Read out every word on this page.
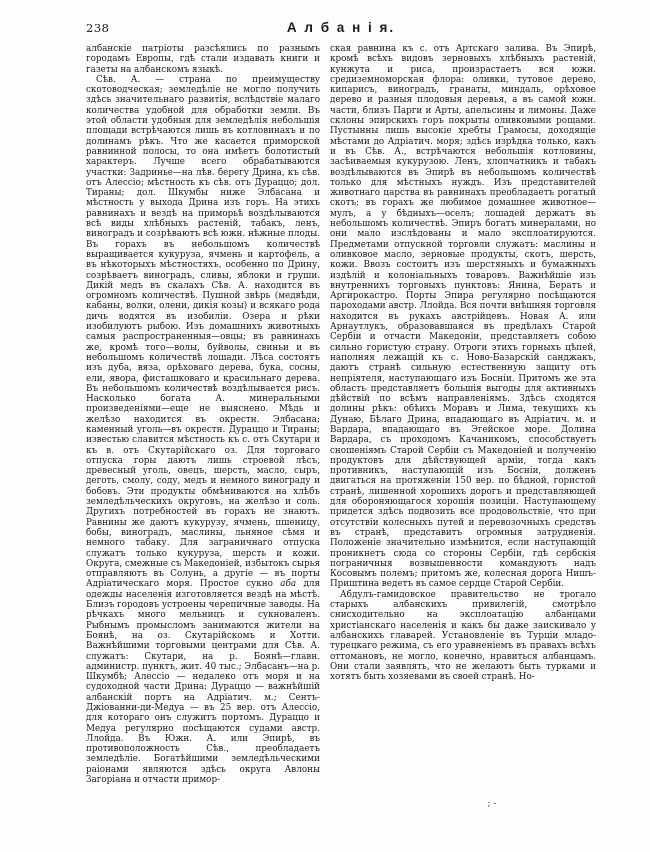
238	А л б а н і я.

албанскіе патріоты разсѣялись по разнымъ городамъ Европы, гдѣ стали издавать книги и газеты на албанскомъ языкѣ.

Сѣв. А. — страна по преимуществу скотоводческая; земледѣліе не могло получить здѣсь значительнаго развитія, вслѣдствіе малаго количества удобной для обработки земли. Въ этой области удобныя для земледѣлія небольшія площади встрѣчаются лишь въ котловинахъ и по долинамъ рѣкъ. Что же касается приморской равнинной полосы, то она имѣетъ болотистый характеръ. Лучше всего обрабатываются участки: Задринье—на лѣв. берегу Дрина, къ сѣв. отъ Алессіо; мѣстность къ сѣв. отъ Дураццо; дол. Тираны; дол. Шкумбы ниже Элбасана и мѣстность у выхода Дрина изъ горъ. На этихъ равнинахъ и вездѣ на приморьѣ воздѣлываются всѣ виды хлѣбныхъ растеній, табакъ, ленъ, виноградъ и созрѣваютъ всѣ южн. нѣжные плоды. Въ горахъ въ небольшомъ количествѣ выращивается кукуруза, ячмень и картофель, а въ нѣкоторыхъ мѣстностяхъ, особенно по Дрину, созрѣваетъ виноградъ, сливы, яблоки и груши. Дикій медъ въ скалахъ Сѣв. А. находится въ огромномъ количествѣ. Пушной звѣрь (медвѣди, кабаны, волки, олени, дикія козы) и всякаго рода дичь водятся въ изобиліи. Озера и рѣки изобилуютъ рыбою. Изъ домашнихъ животныхъ самыя распространенныя—овцы; въ равнинахъ же, кромѣ того—волы, буйволы, свиньи и въ небольшомъ количествѣ лошади. Лѣса состоятъ изъ дуба, вяза, орѣховаго дерева, бука, сосны, ели, явора, фисташковаго и красильнаго дерева. Въ небольшомъ количествѣ воздѣлывается рисъ. Насколько богата А. минеральными произведеніями—еще не выяснено. Мѣдь и желѣзо находится въ окрестн. Элбасана; каменный уголь—въ окрестн. Дураццо и Тираны; известью славится мѣстность къ с. отъ Скутари и къ в. отъ Скутарійскаго оз. Для торговаго отпуска горы даютъ лишь строевой лѣсъ, древесный уголь, овецъ, шерсть, масло, сыръ, деготь, смолу, соду, медъ и немного винограду и бобовъ. Эти продукты обмѣниваются на хлѣбъ земледѣльческихъ округовъ, на желѣзо и соль. Другихъ потребностей въ горахъ не знаютъ. Равнины же даютъ кукурузу, ячмень, пшеницу, бобы, виноградъ, маслины, льняное сѣмя и немного табаку. Для заграничнаго отпуска служатъ только кукуруза, шерсть и кожи. Округа, смежные съ Македоніей, избытокъ сырья отправляютъ въ Солунь, а другіе — въ порты Адріатическаго моря. Простое сукно аба для одежды населенія изготовляется вездѣ на мѣстѣ. Близъ городовъ устроены черепичные заводы. На рѣчкахъ много мельницъ и сукноваленъ. Рыбнымъ промысломъ занимаются жители на Боянѣ, на оз. Скутарійскомъ и Хотти. Важнѣйшими торговыми центрами для Сѣв. А. служатъ: Скутари, на р. Боянѣ—главн. администр. пунктъ, жит. 40 тыс.; Элбасанъ—на р. Шкумбѣ; Алессіо — недалеко отъ моря и на судоходной части Дрина; Дураццо — важнѣйшій албанскій портъ на Адріатич. м.; Сентъ-Джіованни-ди-Медуа — въ 25 вер. отъ Алессіо, для котораго онъ служитъ портомъ. Дураццо и Медуа регулярно посѣщаются судами австр. Ллойда. Въ Южн. А. или Эпирѣ, въ противоположность Сѣв., преобладаетъ земледѣліе. Богатѣйшими земледѣльческими раіонами являются здѣсь округа Авлоны Загоріана и отчасти примор-

ская равнина къ с. отъ Артскаго залива. Въ Эпирѣ, кромѣ всѣхъ видовъ зерновыхъ хлѣбныхъ растеній, кунжута и риса, произрастаетъ вся южн. средиземноморская флора: оливки, тутовое дерево, кипарисъ, виноградъ, гранаты, миндаль, орѣховое дерево и разныя плодовыя деревья, а въ самой южн. части, близъ Парги и Арты, апельсины и лимоны. Даже склоны эпирскихъ горъ покрыты оливковыми рощами. Пустынны лишь высокіе хребты Грамосы, доходящіе мѣстами до Адріатич. моря; здѣсь изрѣдка только, какъ и въ Сѣв. А., встрѣчаются небольшія котловины, засѣиваемыя кукурузою. Ленъ, хлопчатникъ и табакъ воздѣлываются въ Эпирѣ въ небольшомъ количествѣ только для мѣстныхъ нуждъ. Изъ представителей животнаго царства въ равнинахъ преобладаетъ рогатый скотъ; въ горахъ же любимое домашнее животное—мулъ, а у бѣдныхъ—оселъ; лошадей держатъ въ небольшомъ количествѣ. Эпиръ богатъ минералами, но они мало изслѣдованы и мало эксплоатируются. Предметами отпускной торговли служатъ: маслины и оливковое масло, зерновые продукты, скотъ, шерсть, кожи. Ввозъ состоитъ изъ шерстяныхъ и бумажныхъ издѣлій и колоніальныхъ товаровъ. Важнѣйшіе изъ внутреннихъ торговыхъ пунктовъ: Янина, Бератъ и Аргирокастро. Порты Эпира регулярно посѣщаются пароходами австр. Ллойда. Вся почти внѣшняя торговля находится въ рукахъ австрійцевъ. Новая А. или Арнаутлукъ, образовавшаяся въ предѣлахъ Старой Сербіи и отчасти Македоніи, представляетъ собою сильно гористую страну. Отроги этихъ горныхъ цѣпей, наполняя лежащій къ с. Ново-Базарскій санджакъ, даютъ странѣ сильную естественную защиту отъ непріятеля, наступающаго изъ Босніи. Притомъ же эта область представляетъ большія выгоды для активныхъ дѣйствій по всѣмъ направленіямъ. Здѣсь сходятся долины рѣкъ: обѣихъ Моравъ и Лима, текущихъ къ Дунаю, Бѣлаго Дрина, впадающаго въ Адріатич. м. и Вардара, впадающаго въ Эгейское море. Долина Вардара, съ проходомъ Качаникомъ, способствуетъ сношеніямъ Старой Сербіи съ Македоніей и полученію продуктовъ для дѣйствующей арміи, тогда какъ противникъ, наступающій изъ Босніи, долженъ двигаться на протяженіи 150 вер. по бѣдной, гористой странѣ, лишенной хорошихъ дорогъ и представляющей для обороняющагося хорошія позиціи. Наступающему придется здѣсь подвозить все продовольствіе, что при отсутствіи колесныхъ путей и перевозочныхъ средствъ въ странѣ, представитъ огромныя затрудненія. Положеніе значительно измѣнится, если наступающій проникнетъ сюда со стороны Сербіи, гдѣ сербскія пограничныя возвышенности командуютъ надъ Косовымъ полемъ; притомъ же, колесная дорога Нишъ-Приштина ведетъ въ самое сердце Старой Сербіи.

Абдулъ-гамидовское правительство не трогало старыхъ албанскихъ привилегій, смотрѣло снисходительно на эксплоатацію албанцами христіанскаго населенія и какъ бы даже заискивало у албанскихъ главарей. Установленіе въ Турціи младо-турецкаго режима, съ его уравненіемъ въ правахъ всѣхъ оттомановъ, не могло, конечно, нравиться албанцамъ. Они стали заявлять, что не желаютъ быть турками и хотятъ быть хозяевами въ своей странѣ. Но-

; -
